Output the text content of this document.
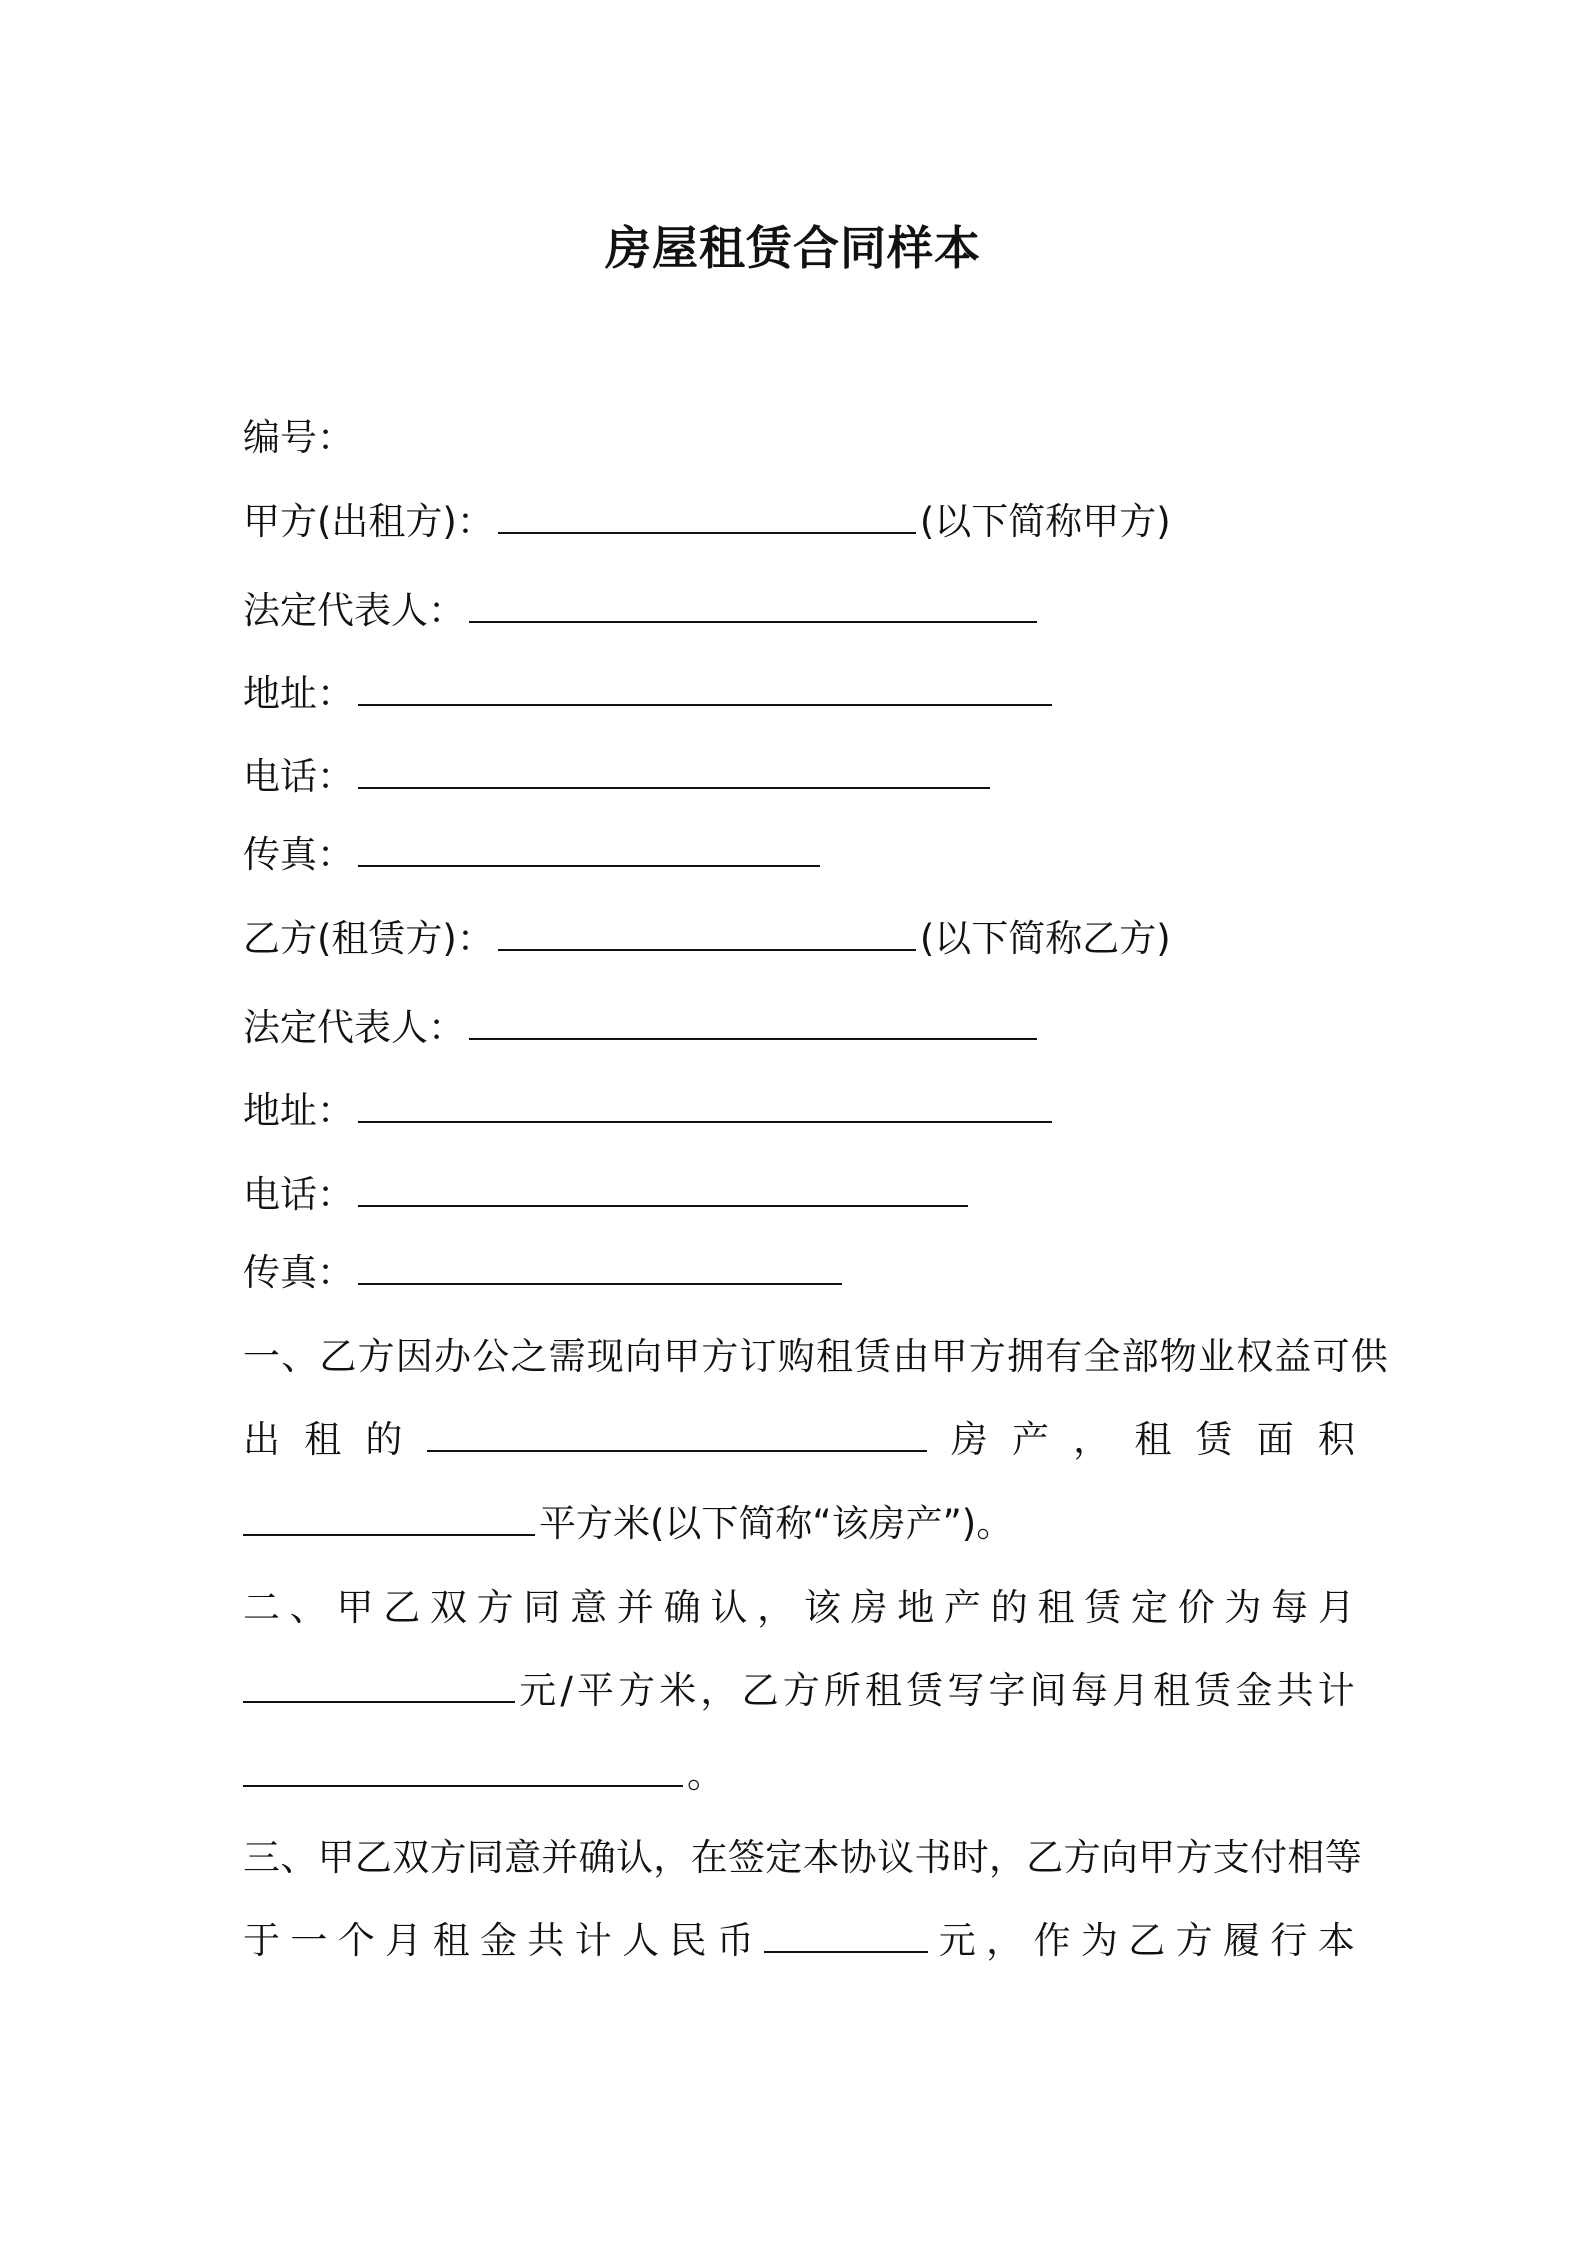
房屋租赁合同样本
编号：
甲方(出租方)：	(以下简称甲方)
法定代表人：
地址：
电话：
传真：
乙方(租赁方)：	(以下简称乙方)
法定代表人：
地址：
电话：
传真：
一、乙方因办公之需现向甲方订购租赁由甲方拥有全部物业权益可供
出 租 的	房 产 ， 租 赁 面 积
平方米(以下简称“该房产”)。
二 、 甲 乙 双 方 同 意 并 确 认 ， 该 房 地 产 的 租 赁 定 价 为 每 月
元 / 平 方 米 ， 乙 方 所 租 赁 写 字 间 每 月 租 赁 金 共 计
。
三、甲乙双方同意并确认，在签定本协议书时，乙方向甲方支付相等
于 一 个 月 租 金 共 计 人 民 币	元 ， 作 为 乙 方 履 行 本
